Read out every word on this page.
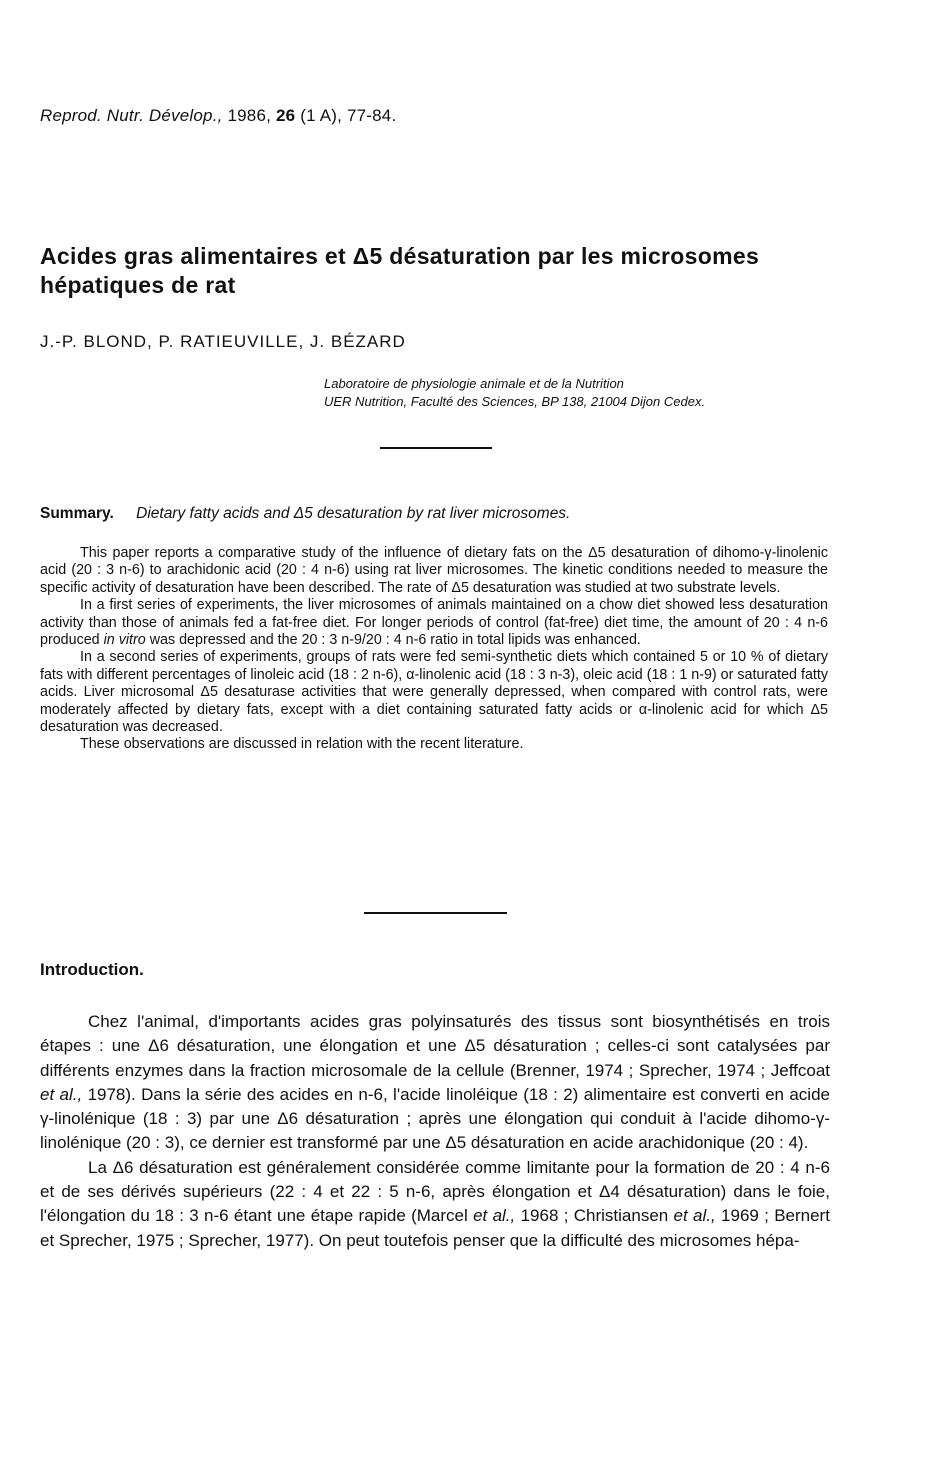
Reprod. Nutr. Dévelop., 1986, 26 (1 A), 77-84.
Acides gras alimentaires et Δ5 désaturation par les microsomes hépatiques de rat
J.-P. BLOND, P. RATIEUVILLE, J. BÉZARD
Laboratoire de physiologie animale et de la Nutrition
UER Nutrition, Faculté des Sciences, BP 138, 21004 Dijon Cedex.
Summary. Dietary fatty acids and Δ5 desaturation by rat liver microsomes.

This paper reports a comparative study of the influence of dietary fats on the Δ5 desaturation of dihomo-γ-linolenic acid (20 : 3 n-6) to arachidonic acid (20 : 4 n-6) using rat liver microsomes. The kinetic conditions needed to measure the specific activity of desaturation have been described. The rate of Δ5 desaturation was studied at two substrate levels.

In a first series of experiments, the liver microsomes of animals maintained on a chow diet showed less desaturation activity than those of animals fed a fat-free diet. For longer periods of control (fat-free) diet time, the amount of 20 : 4 n-6 produced in vitro was depressed and the 20 : 3 n-9/20 : 4 n-6 ratio in total lipids was enhanced.

In a second series of experiments, groups of rats were fed semi-synthetic diets which contained 5 or 10 % of dietary fats with different percentages of linoleic acid (18 : 2 n-6), α-linolenic acid (18 : 3 n-3), oleic acid (18 : 1 n-9) or saturated fatty acids. Liver microsomal Δ5 desaturase activities that were generally depressed, when compared with control rats, were moderately affected by dietary fats, except with a diet containing saturated fatty acids or α-linolenic acid for which Δ5 desaturation was decreased.

These observations are discussed in relation with the recent literature.

Introduction.

Chez l'animal, d'importants acides gras polyinsaturés des tissus sont biosynthétisés en trois étapes : une Δ6 désaturation, une élongation et une Δ5 désaturation ; celles-ci sont catalysées par différents enzymes dans la fraction microsomale de la cellule (Brenner, 1974 ; Sprecher, 1974 ; Jeffcoat et al., 1978). Dans la série des acides en n-6, l'acide linoléique (18 : 2) alimentaire est converti en acide γ-linolénique (18 : 3) par une Δ6 désaturation ; après une élongation qui conduit à l'acide dihomo-γ-linolénique (20 : 3), ce dernier est transformé par une Δ5 désaturation en acide arachidonique (20 : 4).

La Δ6 désaturation est généralement considérée comme limitante pour la formation de 20 : 4 n-6 et de ses dérivés supérieurs (22 : 4 et 22 : 5 n-6, après élongation et Δ4 désaturation) dans le foie, l'élongation du 18 : 3 n-6 étant une étape rapide (Marcel et al., 1968 ; Christiansen et al., 1969 ; Bernert et Sprecher, 1975 ; Sprecher, 1977). On peut toutefois penser que la difficulté des microsomes hépa-
